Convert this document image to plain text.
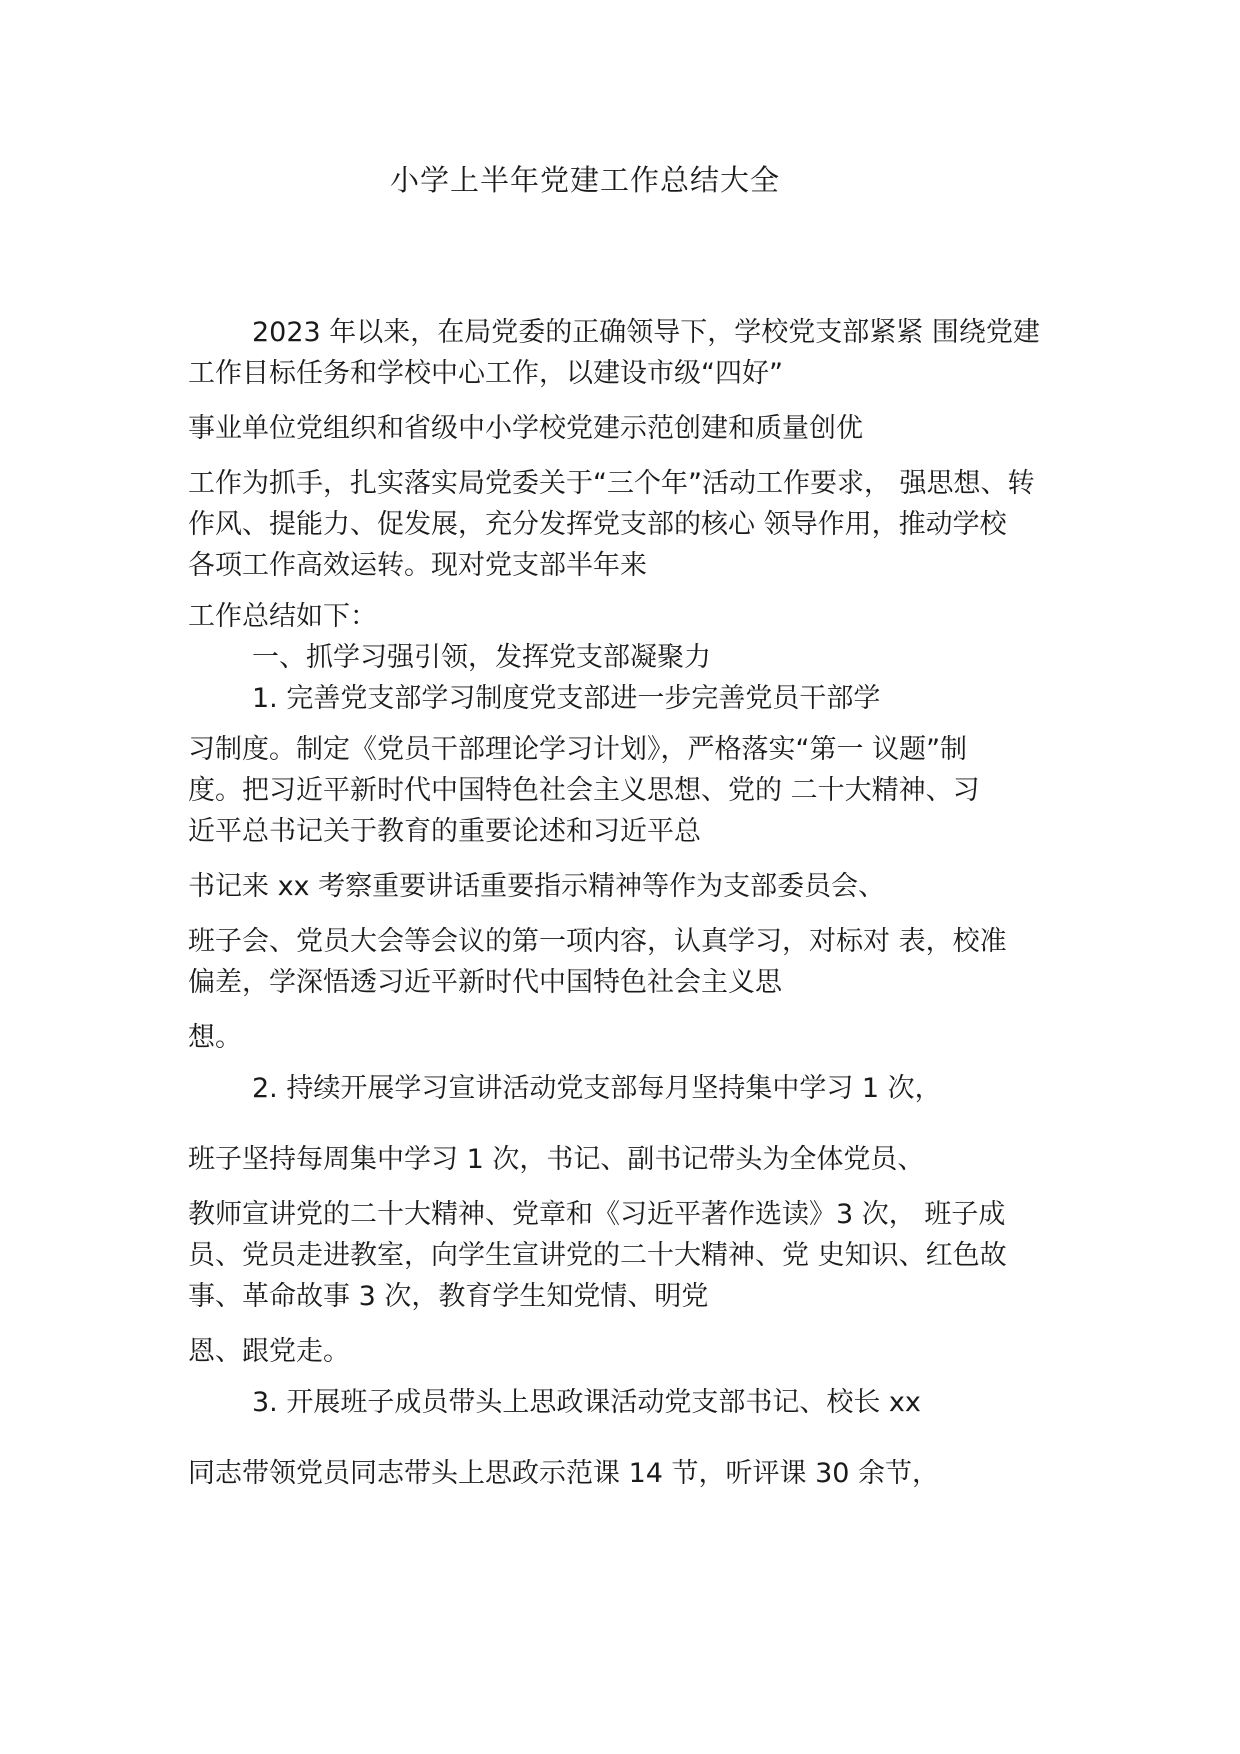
小学上半年党建工作总结大全

2023 年以来，在局党委的正确领导下，学校党支部紧紧 围绕党建

工作目标任务和学校中心工作，以建设市级“四好”

事业单位党组织和省级中小学校党建示范创建和质量创优

工作为抓手，扎实落实局党委关于“三个年”活动工作要求， 强思想、转

作风、提能力、促发展，充分发挥党支部的核心 领导作用，推动学校

各项工作高效运转。现对党支部半年来

工作总结如下：

一、抓学习强引领，发挥党支部凝聚力

1. 完善党支部学习制度党支部进一步完善党员干部学

习制度。制定《党员干部理论学习计划》，严格落实“第一 议题”制

度。把习近平新时代中国特色社会主义思想、党的 二十大精神、习

近平总书记关于教育的重要论述和习近平总

书记来 xx 考察重要讲话重要指示精神等作为支部委员会、

班子会、党员大会等会议的第一项内容，认真学习，对标对 表，校准

偏差，学深悟透习近平新时代中国特色社会主义思

想。

2. 持续开展学习宣讲活动党支部每月坚持集中学习 1 次，

班子坚持每周集中学习 1 次，书记、副书记带头为全体党员、

教师宣讲党的二十大精神、党章和《习近平著作选读》3 次， 班子成

员、党员走进教室，向学生宣讲党的二十大精神、党 史知识、红色故

事、革命故事 3 次，教育学生知党情、明党

恩、跟党走。

3. 开展班子成员带头上思政课活动党支部书记、校长 xx

同志带领党员同志带头上思政示范课 14 节，听评课 30 余节，
